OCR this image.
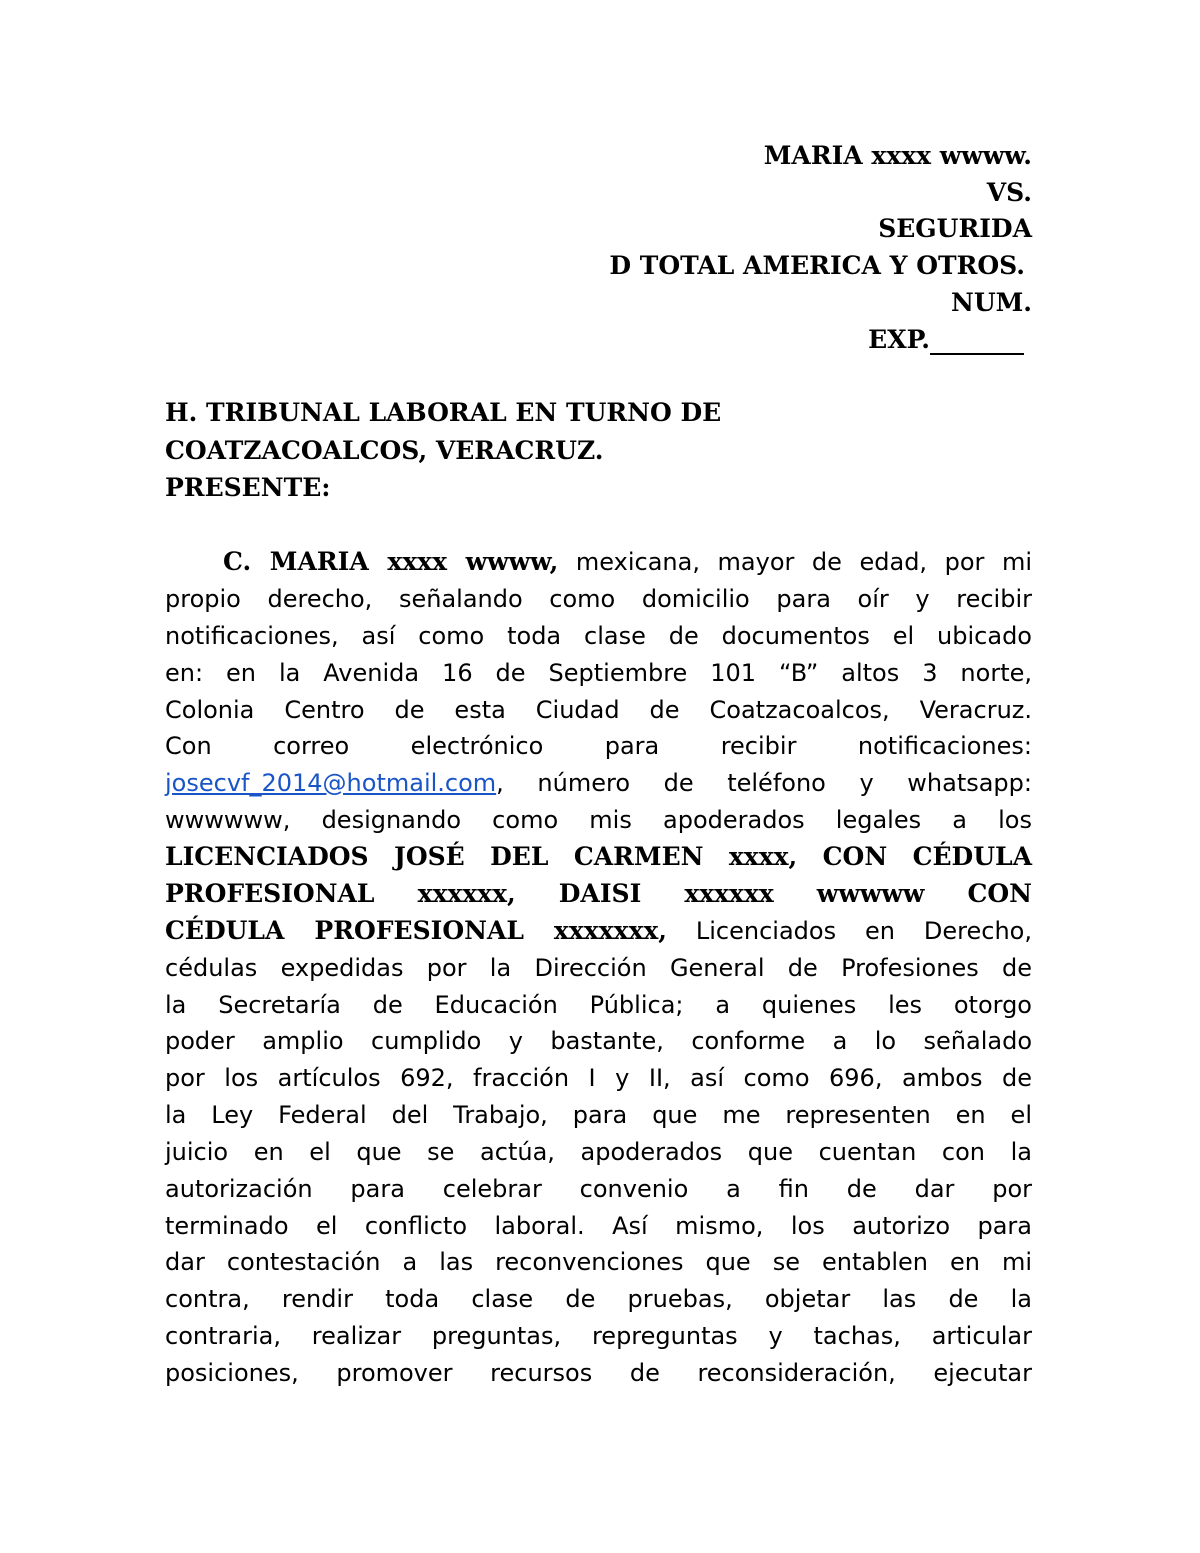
MARIA xxxx wwww.
VS.
SEGURIDA
D TOTAL AMERICA Y OTROS.
NUM.
EXP.
H. TRIBUNAL LABORAL EN TURNO DE
COATZACOALCOS, VERACRUZ.
PRESENTE:
C. MARIA xxxx wwww, mexicana, mayor de edad, por mi
propio derecho, señalando como domicilio para oír y recibir
notificaciones, así como toda clase de documentos el ubicado
en: en la Avenida 16 de Septiembre 101 “B” altos 3 norte,
Colonia Centro de esta Ciudad de Coatzacoalcos, Veracruz.
Con correo electrónico para recibir notificaciones:
josecvf_2014@hotmail.com, número de teléfono y whatsapp:
wwwwww, designando como mis apoderados legales a los
LICENCIADOS JOSÉ DEL CARMEN xxxx, CON CÉDULA
PROFESIONAL xxxxxx, DAISI xxxxxx wwwww CON
CÉDULA PROFESIONAL xxxxxxx, Licenciados en Derecho,
cédulas expedidas por la Dirección General de Profesiones de
la Secretaría de Educación Pública; a quienes les otorgo
poder amplio cumplido y bastante, conforme a lo señalado
por los artículos 692, fracción I y II, así como 696, ambos de
la Ley Federal del Trabajo, para que me representen en el
juicio en el que se actúa, apoderados que cuentan con la
autorización para celebrar convenio a fin de dar por
terminado el conflicto laboral. Así mismo, los autorizo para
dar contestación a las reconvenciones que se entablen en mi
contra, rendir toda clase de pruebas, objetar las de la
contraria, realizar preguntas, repreguntas y tachas, articular
posiciones, promover recursos de reconsideración, ejecutar
